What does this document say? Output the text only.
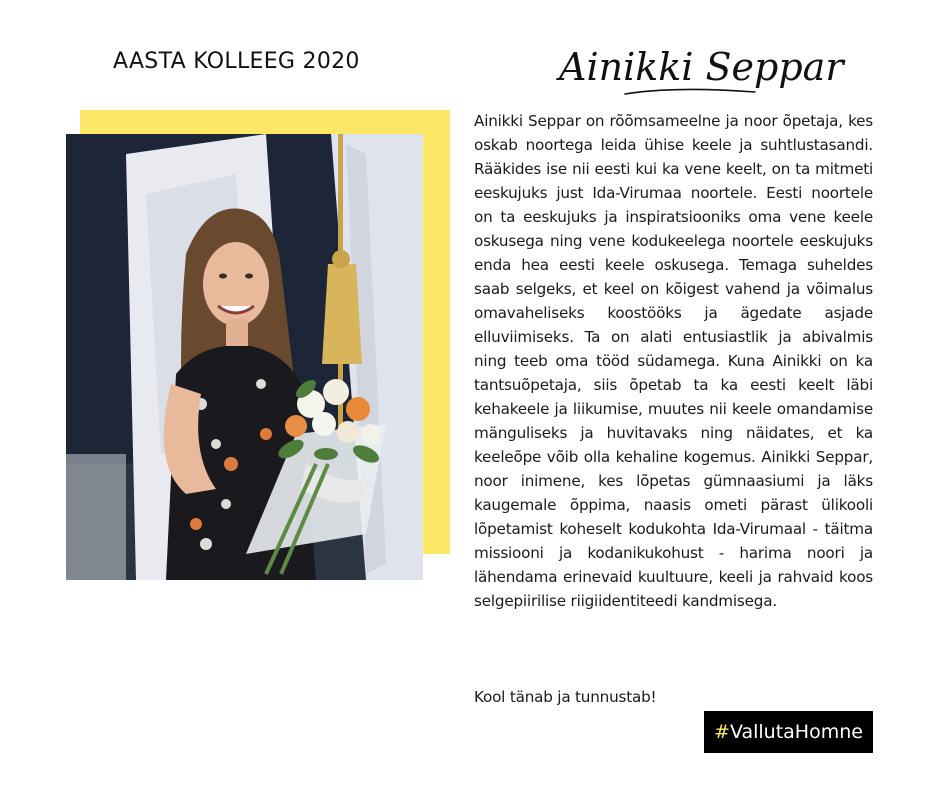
AASTA KOLLEEG 2020	Ainikki Seppar
Ainikki Seppar on rõõmsameelne ja noor õpetaja, kes oskab noortega leida ühise keele ja suhtlustasandi. Rääkides ise nii eesti kui ka vene keelt, on ta mitmeti eeskujuks just Ida-Virumaa noortele. Eesti noortele on ta eeskujuks ja inspiratsiooniks oma vene keele oskusega ning vene kodukeelega noortele eeskujuks enda hea eesti keele oskusega. Temaga suheldes saab selgeks, et keel on kõigest vahend ja võimalus omavaheliseks koostööks ja ägedate asjade elluviimiseks. Ta on alati entusiastlik ja abivalmis ning teeb oma tööd südamega. Kuna Ainikki on ka tantsuõpetaja, siis õpetab ta ka eesti keelt läbi kehakeele ja liikumise, muutes nii keele omandamise mänguliseks ja huvitavaks ning näidates, et ka keeleõpe võib olla kehaline kogemus. Ainikki Seppar, noor inimene, kes lõpetas gümnaasiumi ja läks kaugemale õppima, naasis ometi pärast ülikooli lõpetamist koheselt kodukohta Ida-Virumaal - täitma missiooni ja kodanikukohust - harima noori ja lähendama erinevaid kuultuure, keeli ja rahvaid koos selgepiirilise riigiidentiteedi kandmisega.
Kool tänab ja tunnustab!
# VallutaHomne
